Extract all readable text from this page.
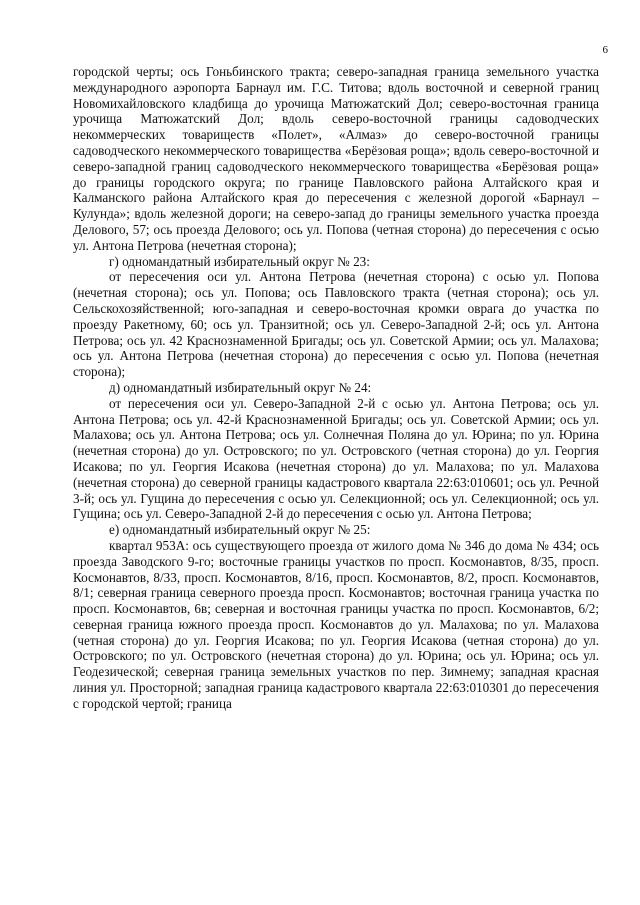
6

городской черты; ось Гоньбинского тракта; северо-западная граница земельного участка международного аэропорта Барнаул им. Г.С. Титова; вдоль восточной и северной границ Новомихайловского кладбища до урочища Матюжатский Дол; северо-восточная граница урочища Матюжатский Дол; вдоль северо-восточной границы садоводческих некоммерческих товариществ «Полет», «Алмаз» до северо-восточной границы садоводческого некоммерческого товарищества «Берёзовая роща»; вдоль северо-восточной и северо-западной границ садоводческого некоммерческого товарищества «Берёзовая роща» до границы городского округа; по границе Павловского района Алтайского края и Калманского района Алтайского края до пересечения с железной дорогой «Барнаул – Кулунда»; вдоль железной дороги; на северо-запад до границы земельного участка проезда Делового, 57; ось проезда Делового; ось ул. Попова (четная сторона) до пересечения с осью ул. Антона Петрова (нечетная сторона);

г) одномандатный избирательный округ № 23:

от пересечения оси ул. Антона Петрова (нечетная сторона) с осью ул. Попова (нечетная сторона); ось ул. Попова; ось Павловского тракта (четная сторона); ось ул. Сельскохозяйственной; юго-западная и северо-восточная кромки оврага до участка по проезду Ракетному, 60; ось ул. Транзитной; ось ул. Северо-Западной 2-й; ось ул. Антона Петрова; ось ул. 42 Краснознаменной Бригады; ось ул. Советской Армии; ось ул. Малахова; ось ул. Антона Петрова (нечетная сторона) до пересечения с осью ул. Попова (нечетная сторона);

д) одномандатный избирательный округ № 24:

от пересечения оси ул. Северо-Западной 2-й с осью ул. Антона Петрова; ось ул. Антона Петрова; ось ул. 42-й Краснознаменной Бригады; ось ул. Советской Армии; ось ул. Малахова; ось ул. Антона Петрова; ось ул. Солнечная Поляна до ул. Юрина; по ул. Юрина (нечетная сторона) до ул. Островского; по ул. Островского (четная сторона) до ул. Георгия Исакова; по ул. Георгия Исакова (нечетная сторона) до ул. Малахова; по ул. Малахова (нечетная сторона) до северной границы кадастрового квартала 22:63:010601; ось ул. Речной 3-й; ось ул. Гущина до пересечения с осью ул. Селекционной; ось ул. Селекционной; ось ул. Гущина; ось ул. Северо-Западной 2-й до пересечения с осью ул. Антона Петрова;

е) одномандатный избирательный округ № 25:

квартал 953А: ось существующего проезда от жилого дома № 346 до дома № 434; ось проезда Заводского 9-го; восточные границы участков по просп. Космонавтов, 8/35, просп. Космонавтов, 8/33, просп. Космонавтов, 8/16, просп. Космонавтов, 8/2, просп. Космонавтов, 8/1; северная граница северного проезда просп. Космонавтов; восточная граница участка по просп. Космонавтов, 6в; северная и восточная границы участка по просп. Космонавтов, 6/2; северная граница южного проезда просп. Космонавтов до ул. Малахова; по ул. Малахова (четная сторона) до ул. Георгия Исакова; по ул. Георгия Исакова (четная сторона) до ул. Островского; по ул. Островского (нечетная сторона) до ул. Юрина; ось ул. Юрина; ось ул. Геодезической; северная граница земельных участков по пер. Зимнему; западная красная линия ул. Просторной; западная граница кадастрового квартала 22:63:010301 до пересечения с городской чертой; граница
